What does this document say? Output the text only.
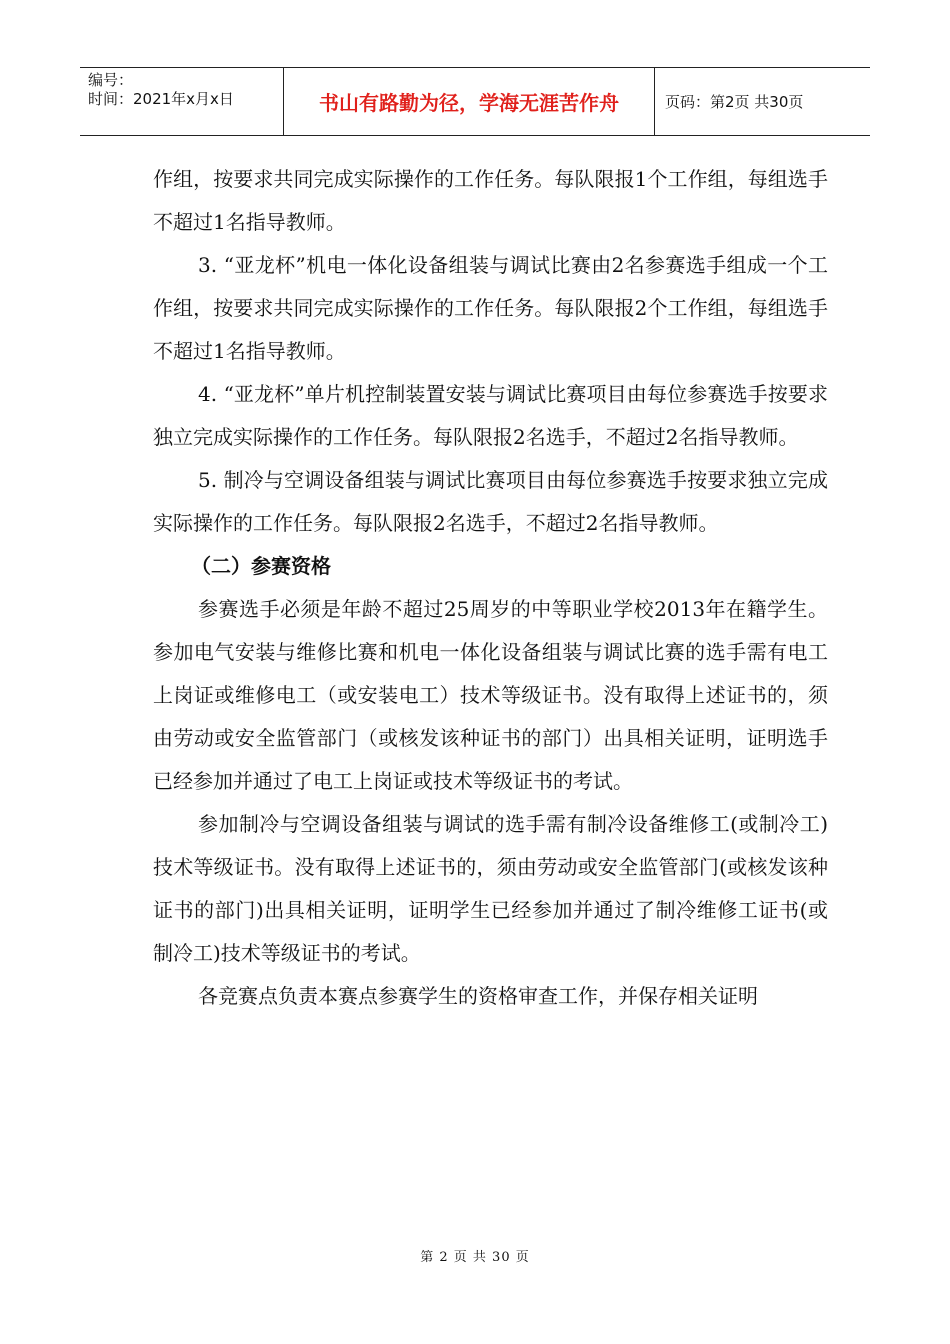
编号：
时间：2021年x月x日	书山有路勤为径，学海无涯苦作舟	页码：第2页 共30页

作组，按要求共同完成实际操作的工作任务。每队限报1个工作组，每组选手不超过1名指导教师。

3. “亚龙杯”机电一体化设备组装与调试比赛由2名参赛选手组成一个工作组，按要求共同完成实际操作的工作任务。每队限报2个工作组，每组选手不超过1名指导教师。

4. “亚龙杯”单片机控制装置安装与调试比赛项目由每位参赛选手按要求独立完成实际操作的工作任务。每队限报2名选手，不超过2名指导教师。

5. 制冷与空调设备组装与调试比赛项目由每位参赛选手按要求独立完成实际操作的工作任务。每队限报2名选手，不超过2名指导教师。

（二）参赛资格

参赛选手必须是年龄不超过25周岁的中等职业学校2013年在籍学生。参加电气安装与维修比赛和机电一体化设备组装与调试比赛的选手需有电工上岗证或维修电工（或安装电工）技术等级证书。没有取得上述证书的，须由劳动或安全监管部门（或核发该种证书的部门）出具相关证明，证明选手已经参加并通过了电工上岗证或技术等级证书的考试。

参加制冷与空调设备组装与调试的选手需有制冷设备维修工(或制冷工)技术等级证书。没有取得上述证书的，须由劳动或安全监管部门(或核发该种证书的部门)出具相关证明，证明学生已经参加并通过了制冷维修工证书(或制冷工)技术等级证书的考试。

各竞赛点负责本赛点参赛学生的资格审查工作，并保存相关证明

第 2 页 共 30 页
